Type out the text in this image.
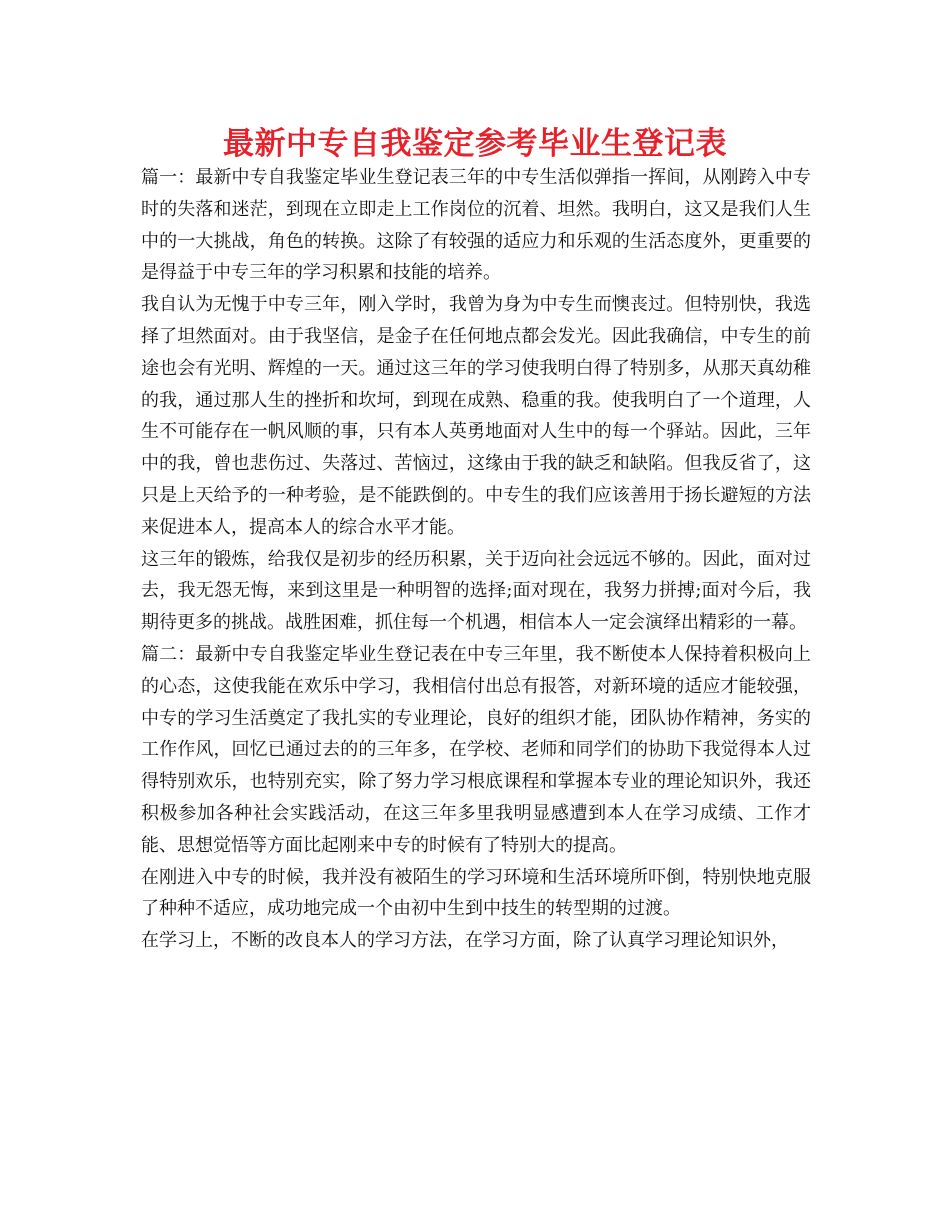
最新中专自我鉴定参考毕业生登记表

篇一：最新中专自我鉴定毕业生登记表三年的中专生活似弹指一挥间，从刚跨入中专时的失落和迷茫，到现在立即走上工作岗位的沉着、坦然。我明白，这又是我们人生中的一大挑战，角色的转换。这除了有较强的适应力和乐观的生活态度外，更重要的是得益于中专三年的学习积累和技能的培养。

我自认为无愧于中专三年，刚入学时，我曾为身为中专生而懊丧过。但特别快，我选择了坦然面对。由于我坚信，是金子在任何地点都会发光。因此我确信，中专生的前途也会有光明、辉煌的一天。通过这三年的学习使我明白得了特别多，从那天真幼稚的我，通过那人生的挫折和坎坷，到现在成熟、稳重的我。使我明白了一个道理，人生不可能存在一帆风顺的事，只有本人英勇地面对人生中的每一个驿站。因此，三年中的我，曾也悲伤过、失落过、苦恼过，这缘由于我的缺乏和缺陷。但我反省了，这只是上天给予的一种考验，是不能跌倒的。中专生的我们应该善用于扬长避短的方法来促进本人，提高本人的综合水平才能。

这三年的锻炼，给我仅是初步的经历积累，关于迈向社会远远不够的。因此，面对过去，我无怨无悔，来到这里是一种明智的选择;面对现在，我努力拼搏;面对今后，我期待更多的挑战。战胜困难，抓住每一个机遇，相信本人一定会演绎出精彩的一幕。

篇二：最新中专自我鉴定毕业生登记表在中专三年里，我不断使本人保持着积极向上的心态，这使我能在欢乐中学习，我相信付出总有报答，对新环境的适应才能较强，中专的学习生活奠定了我扎实的专业理论，良好的组织才能，团队协作精神，务实的工作作风，回忆已通过去的的三年多，在学校、老师和同学们的协助下我觉得本人过得特别欢乐，也特别充实，除了努力学习根底课程和掌握本专业的理论知识外，我还积极参加各种社会实践活动，在这三年多里我明显感遭到本人在学习成绩、工作才能、思想觉悟等方面比起刚来中专的时候有了特别大的提高。

在刚进入中专的时候，我并没有被陌生的学习环境和生活环境所吓倒，特别快地克服了种种不适应，成功地完成一个由初中生到中技生的转型期的过渡。

在学习上，不断的改良本人的学习方法，在学习方面，除了认真学习理论知识外，
